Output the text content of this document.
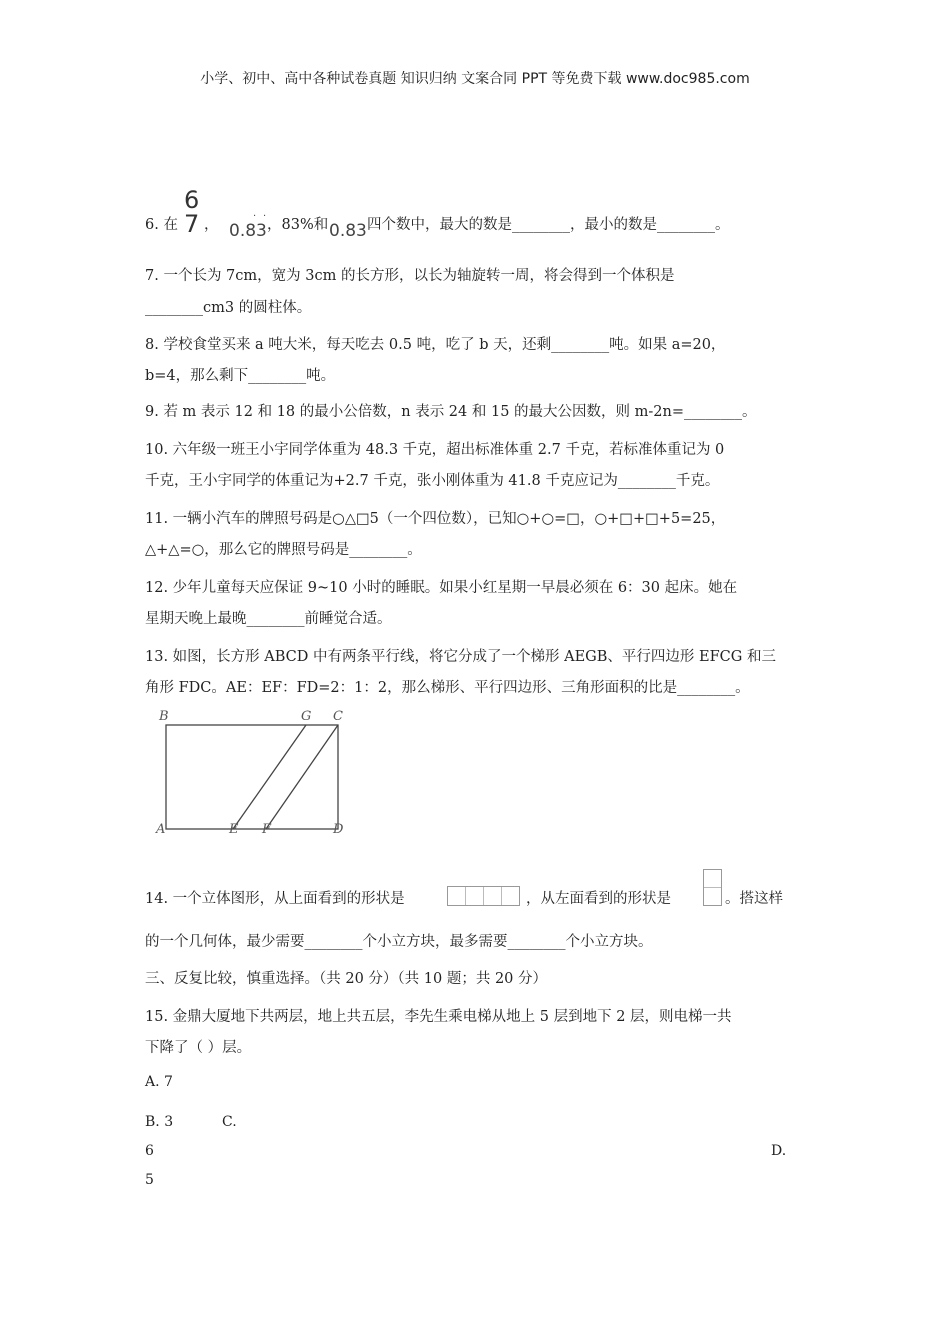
小学、初中、高中各种试卷真题 知识归纳 文案合同 PPT 等免费下载 www.doc985.com
6. 在
6
7 ， 0.83
· ·
，83%和 0.83 四个数中，最大的数是________，最小的数是________。
7. 一个长为 7cm，宽为 3cm 的长方形，以长为轴旋转一周，将会得到一个体积是
________cm3 的圆柱体。
8. 学校食堂买来 a 吨大米，每天吃去 0.5 吨，吃了 b 天，还剩________吨。如果 a=20，
b=4，那么剩下________吨。
9. 若 m 表示 12 和 18 的最小公倍数，n 表示 24 和 15 的最大公因数，则 m-2n=________。
10. 六年级一班王小宇同学体重为 48.3 千克，超出标准体重 2.7 千克，若标准体重记为 0
千克，王小宇同学的体重记为+2.7 千克，张小刚体重为 41.8 千克应记为________千克。
11. 一辆小汽车的牌照号码是○△□5（一个四位数），已知○+○=□，○+□+□+5=25，
△+△=○，那么它的牌照号码是________。
12. 少年儿童每天应保证 9~10 小时的睡眠。如果小红星期一早晨必须在 6：30 起床。她在
星期天晚上最晚________前睡觉合适。
13. 如图，长方形 ABCD 中有两条平行线，将它分成了一个梯形 AEGB、平行四边形 EFCG 和三
角形 FDC。AE：EF：FD=2：1：2，那么梯形、平行四边形、三角形面积的比是________。
B	G C
A	E F	D
14. 一个立体图形，从上面看到的形状是	，从左面看到的形状是	。搭这样
的一个几何体，最少需要________个小立方块，最多需要________个小立方块。
三、反复比较，慎重选择。（共 20 分）（共 10 题；共 20 分）
15. 金鼎大厦地下共两层，地上共五层，李先生乘电梯从地上 5 层到地下 2 层，则电梯一共
下降了（ ）层。
A. 7
B. 3	C.
6	D.
5
